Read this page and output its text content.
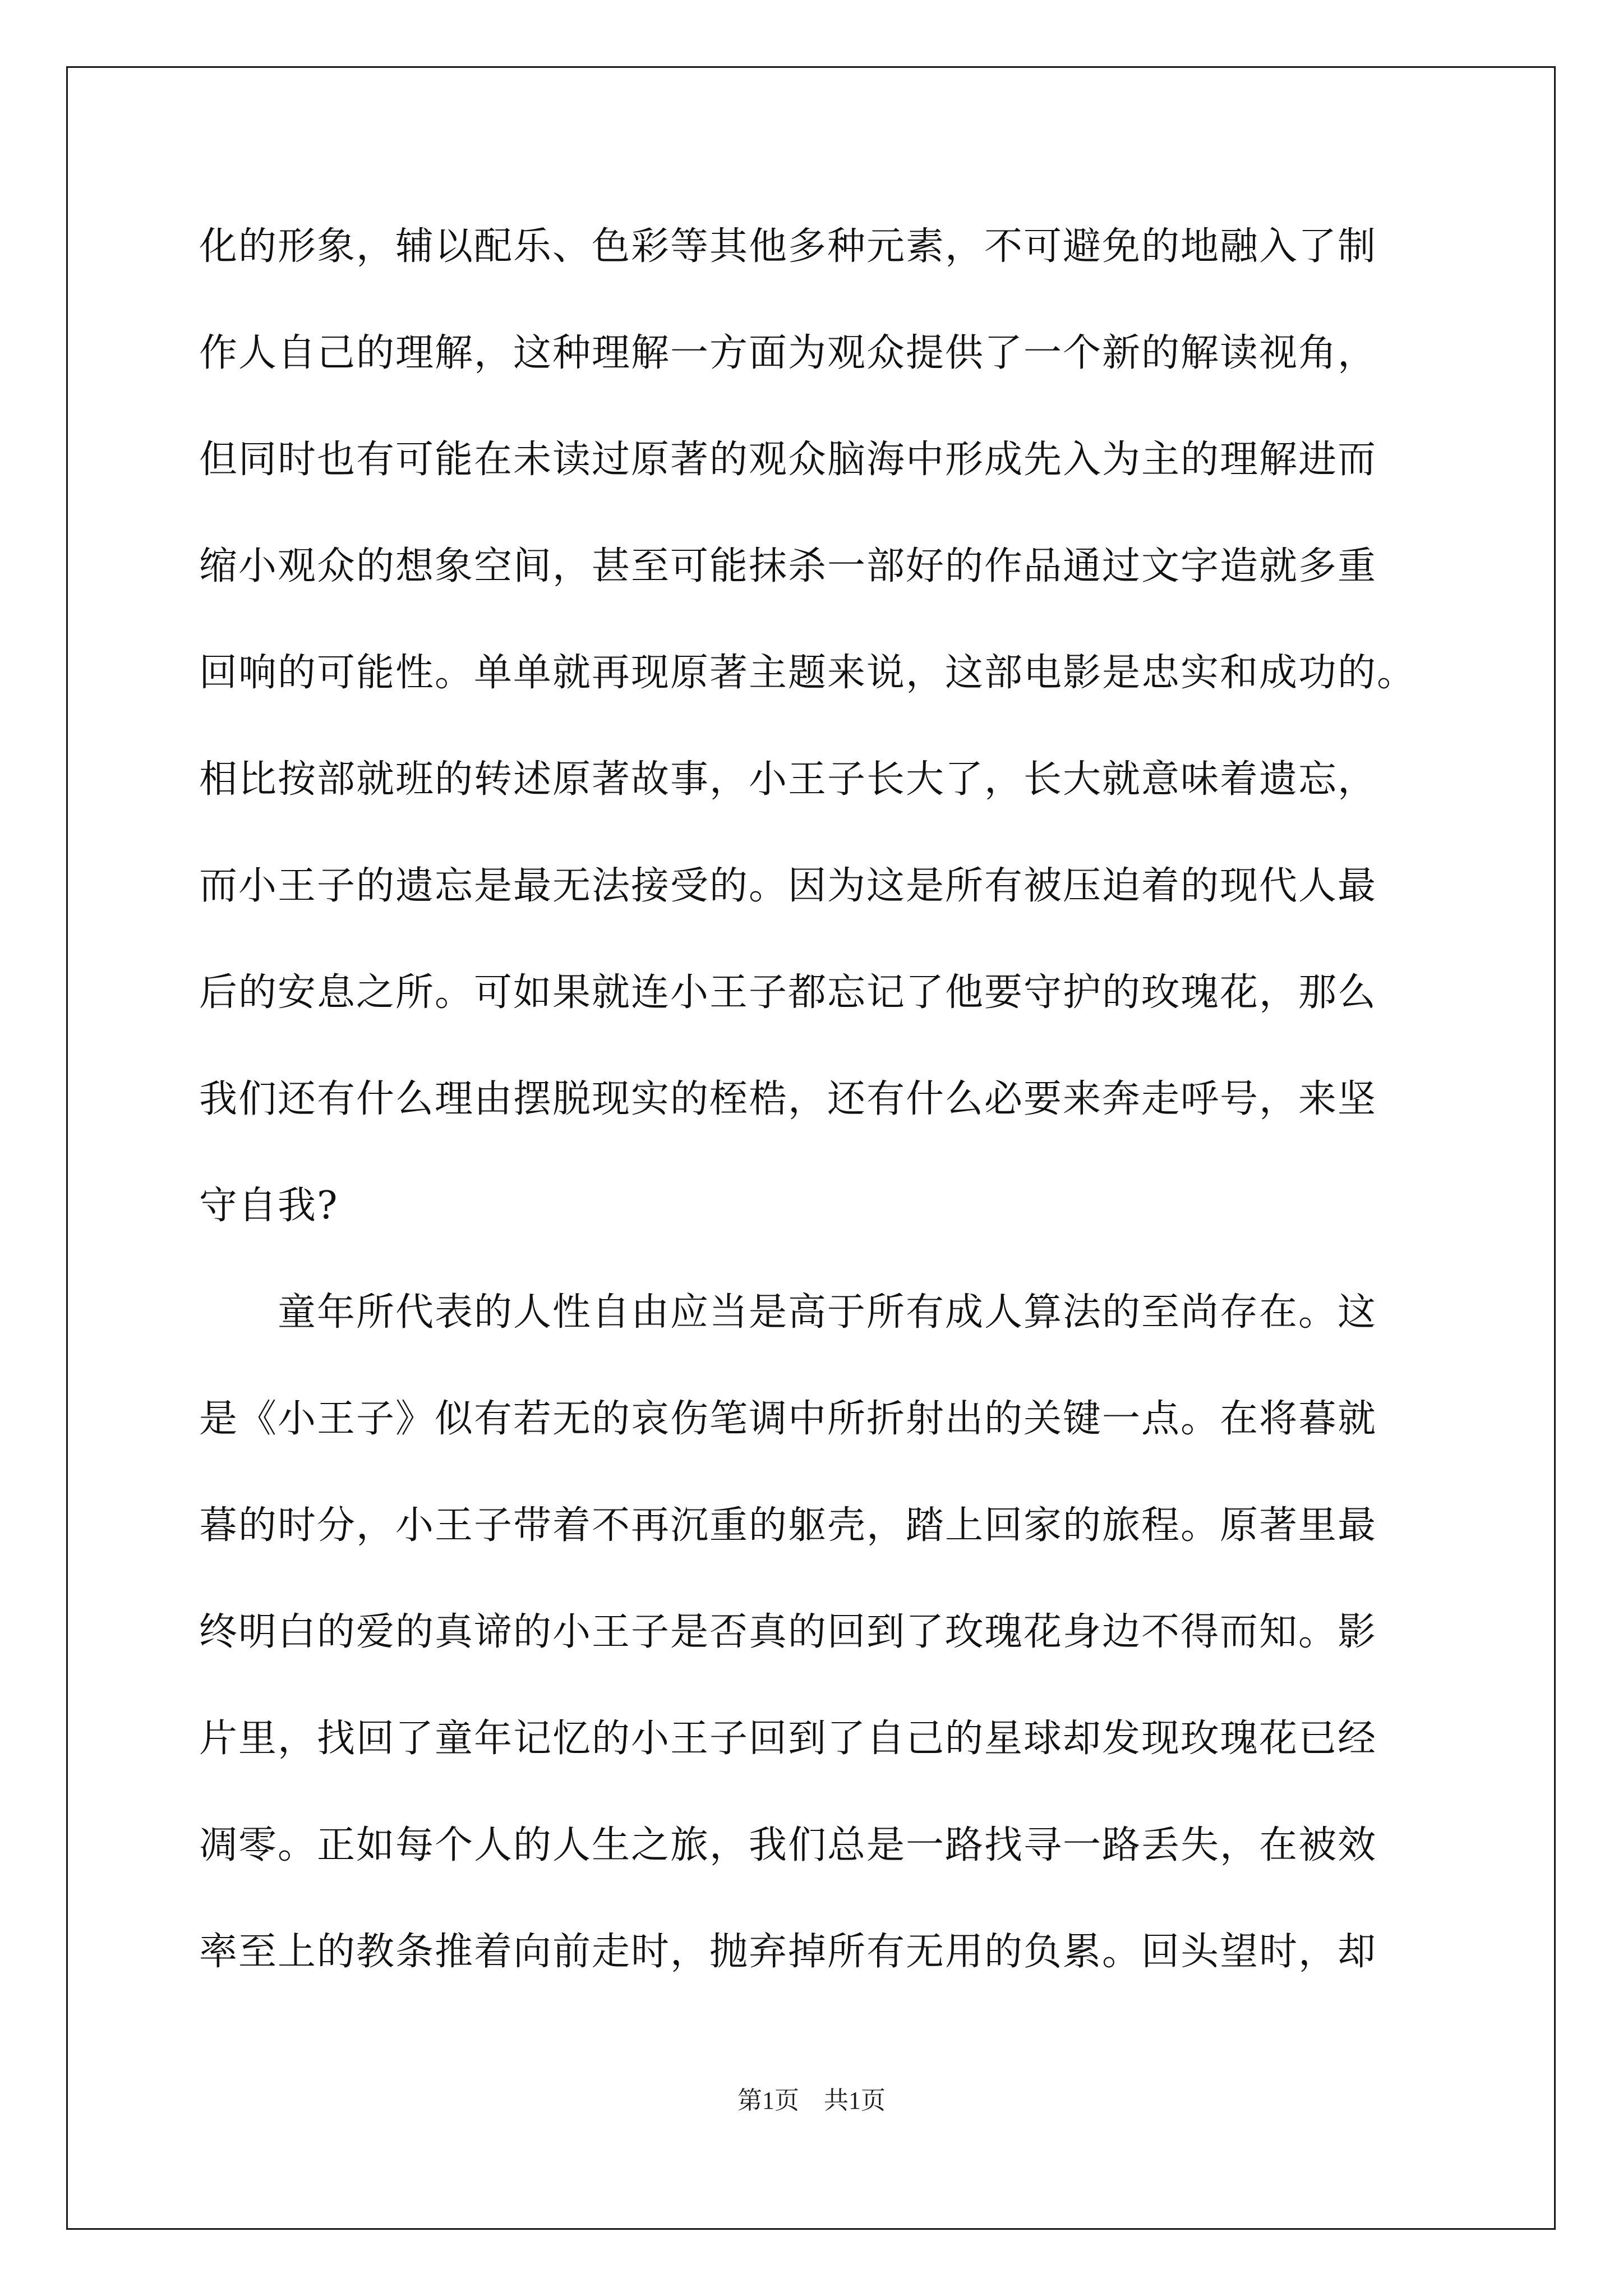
化的形象，辅以配乐、色彩等其他多种元素，不可避免的地融入了制
作人自己的理解，这种理解一方面为观众提供了一个新的解读视角，
但同时也有可能在未读过原著的观众脑海中形成先入为主的理解进而
缩小观众的想象空间，甚至可能抹杀一部好的作品通过文字造就多重
回响的可能性。单单就再现原著主题来说，这部电影是忠实和成功的。
相比按部就班的转述原著故事，小王子长大了，长大就意味着遗忘，
而小王子的遗忘是最无法接受的。因为这是所有被压迫着的现代人最
后的安息之所。可如果就连小王子都忘记了他要守护的玫瑰花，那么
我们还有什么理由摆脱现实的桎梏，还有什么必要来奔走呼号，来坚
守自我?
童年所代表的人性自由应当是高于所有成人算法的至尚存在。这
是《小王子》似有若无的哀伤笔调中所折射出的关键一点。在将暮就
暮的时分，小王子带着不再沉重的躯壳，踏上回家的旅程。原著里最
终明白的爱的真谛的小王子是否真的回到了玫瑰花身边不得而知。影
片里，找回了童年记忆的小王子回到了自己的星球却发现玫瑰花已经
凋零。正如每个人的人生之旅，我们总是一路找寻一路丢失，在被效
率至上的教条推着向前走时，抛弃掉所有无用的负累。回头望时，却
第1页　共1页
